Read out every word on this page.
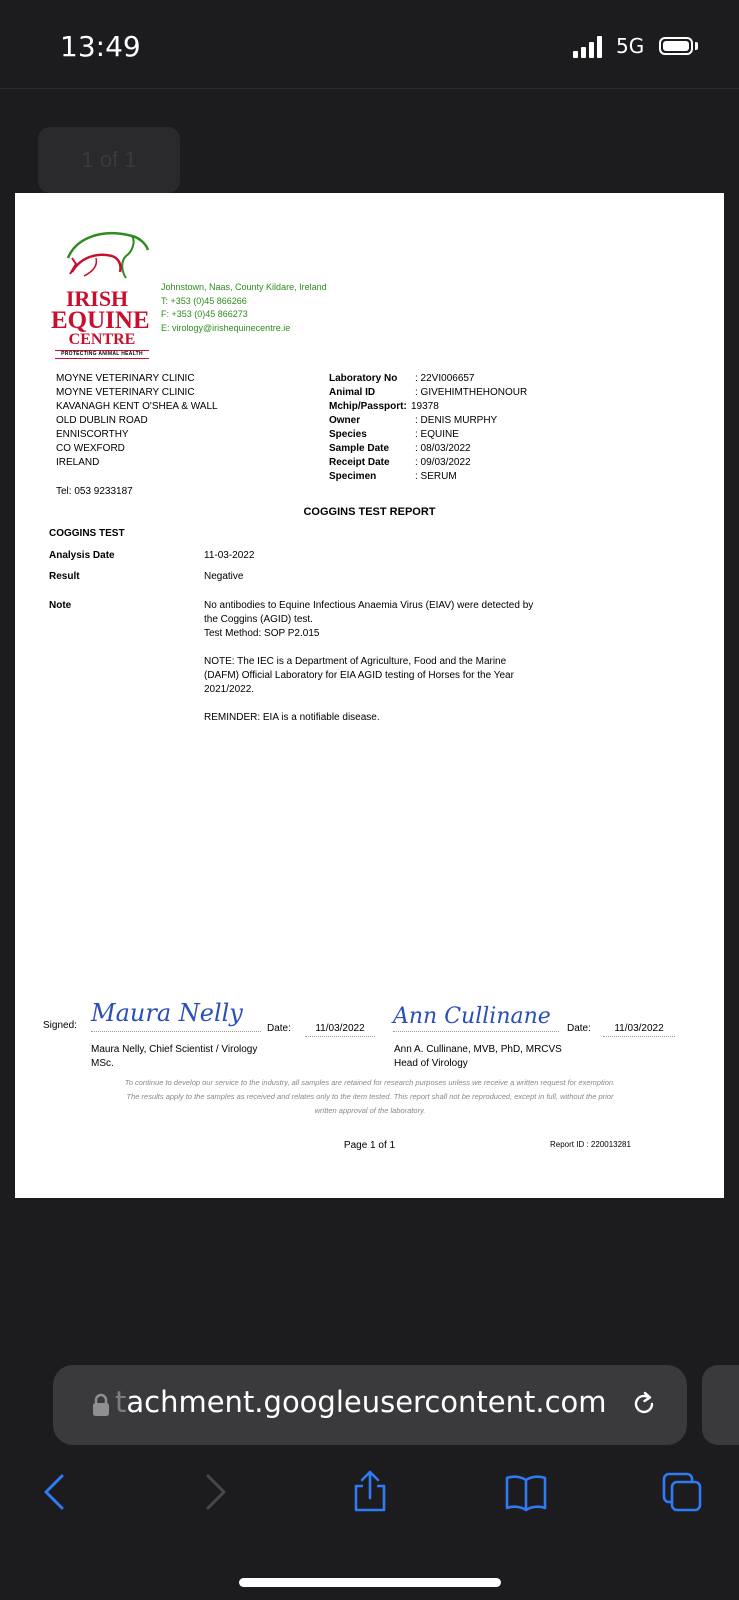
13:49	5G
1 of 1
IRISH
EQUINE
CENTRE
PROTECTING ANIMAL HEALTH
Johnstown, Naas, County Kildare, Ireland
T: +353 (0)45 866266
F: +353 (0)45 866273
E: virology@irishequinecentre.ie
MOYNE VETERINARY CLINIC
MOYNE VETERINARY CLINIC
KAVANAGH KENT O'SHEA & WALL
OLD DUBLIN ROAD
ENNISCORTHY
CO WEXFORD
IRELAND
Tel: 053 9233187
Laboratory No	: 22VI006657
Animal ID	: GIVEHIMTHEHONOUR
Mchip/Passport: 19378
Owner	: DENIS MURPHY
Species	: EQUINE
Sample Date	: 08/03/2022
Receipt Date	: 09/03/2022
Specimen	: SERUM
COGGINS TEST REPORT
COGGINS TEST
Analysis Date	11-03-2022
Result	Negative
Note	No antibodies to Equine Infectious Anaemia Virus (EIAV) were detected by
the Coggins (AGID) test.
Test Method: SOP P2.015
NOTE: The IEC is a Department of Agriculture, Food and the Marine
(DAFM) Official Laboratory for EIA AGID testing of Horses for the Year
2021/2022.
REMINDER: EIA is a notifiable disease.
Signed: Maura Nelly
Date:	11/03/2022
Maura Nelly, Chief Scientist / Virology
MSc.
Ann Cullinane Date:	11/03/2022
Ann A. Cullinane, MVB, PhD, MRCVS
Head of Virology
To continue to develop our service to the industry, all samples are retained for research purposes unless we receive a written request for exemption.
The results apply to the samples as received and relates only to the item tested. This report shall not be reproduced, except in full, without the prior
written approval of the laboratory.
Page 1 of 1	Report ID : 220013281
tachment.googleusercontent.com
